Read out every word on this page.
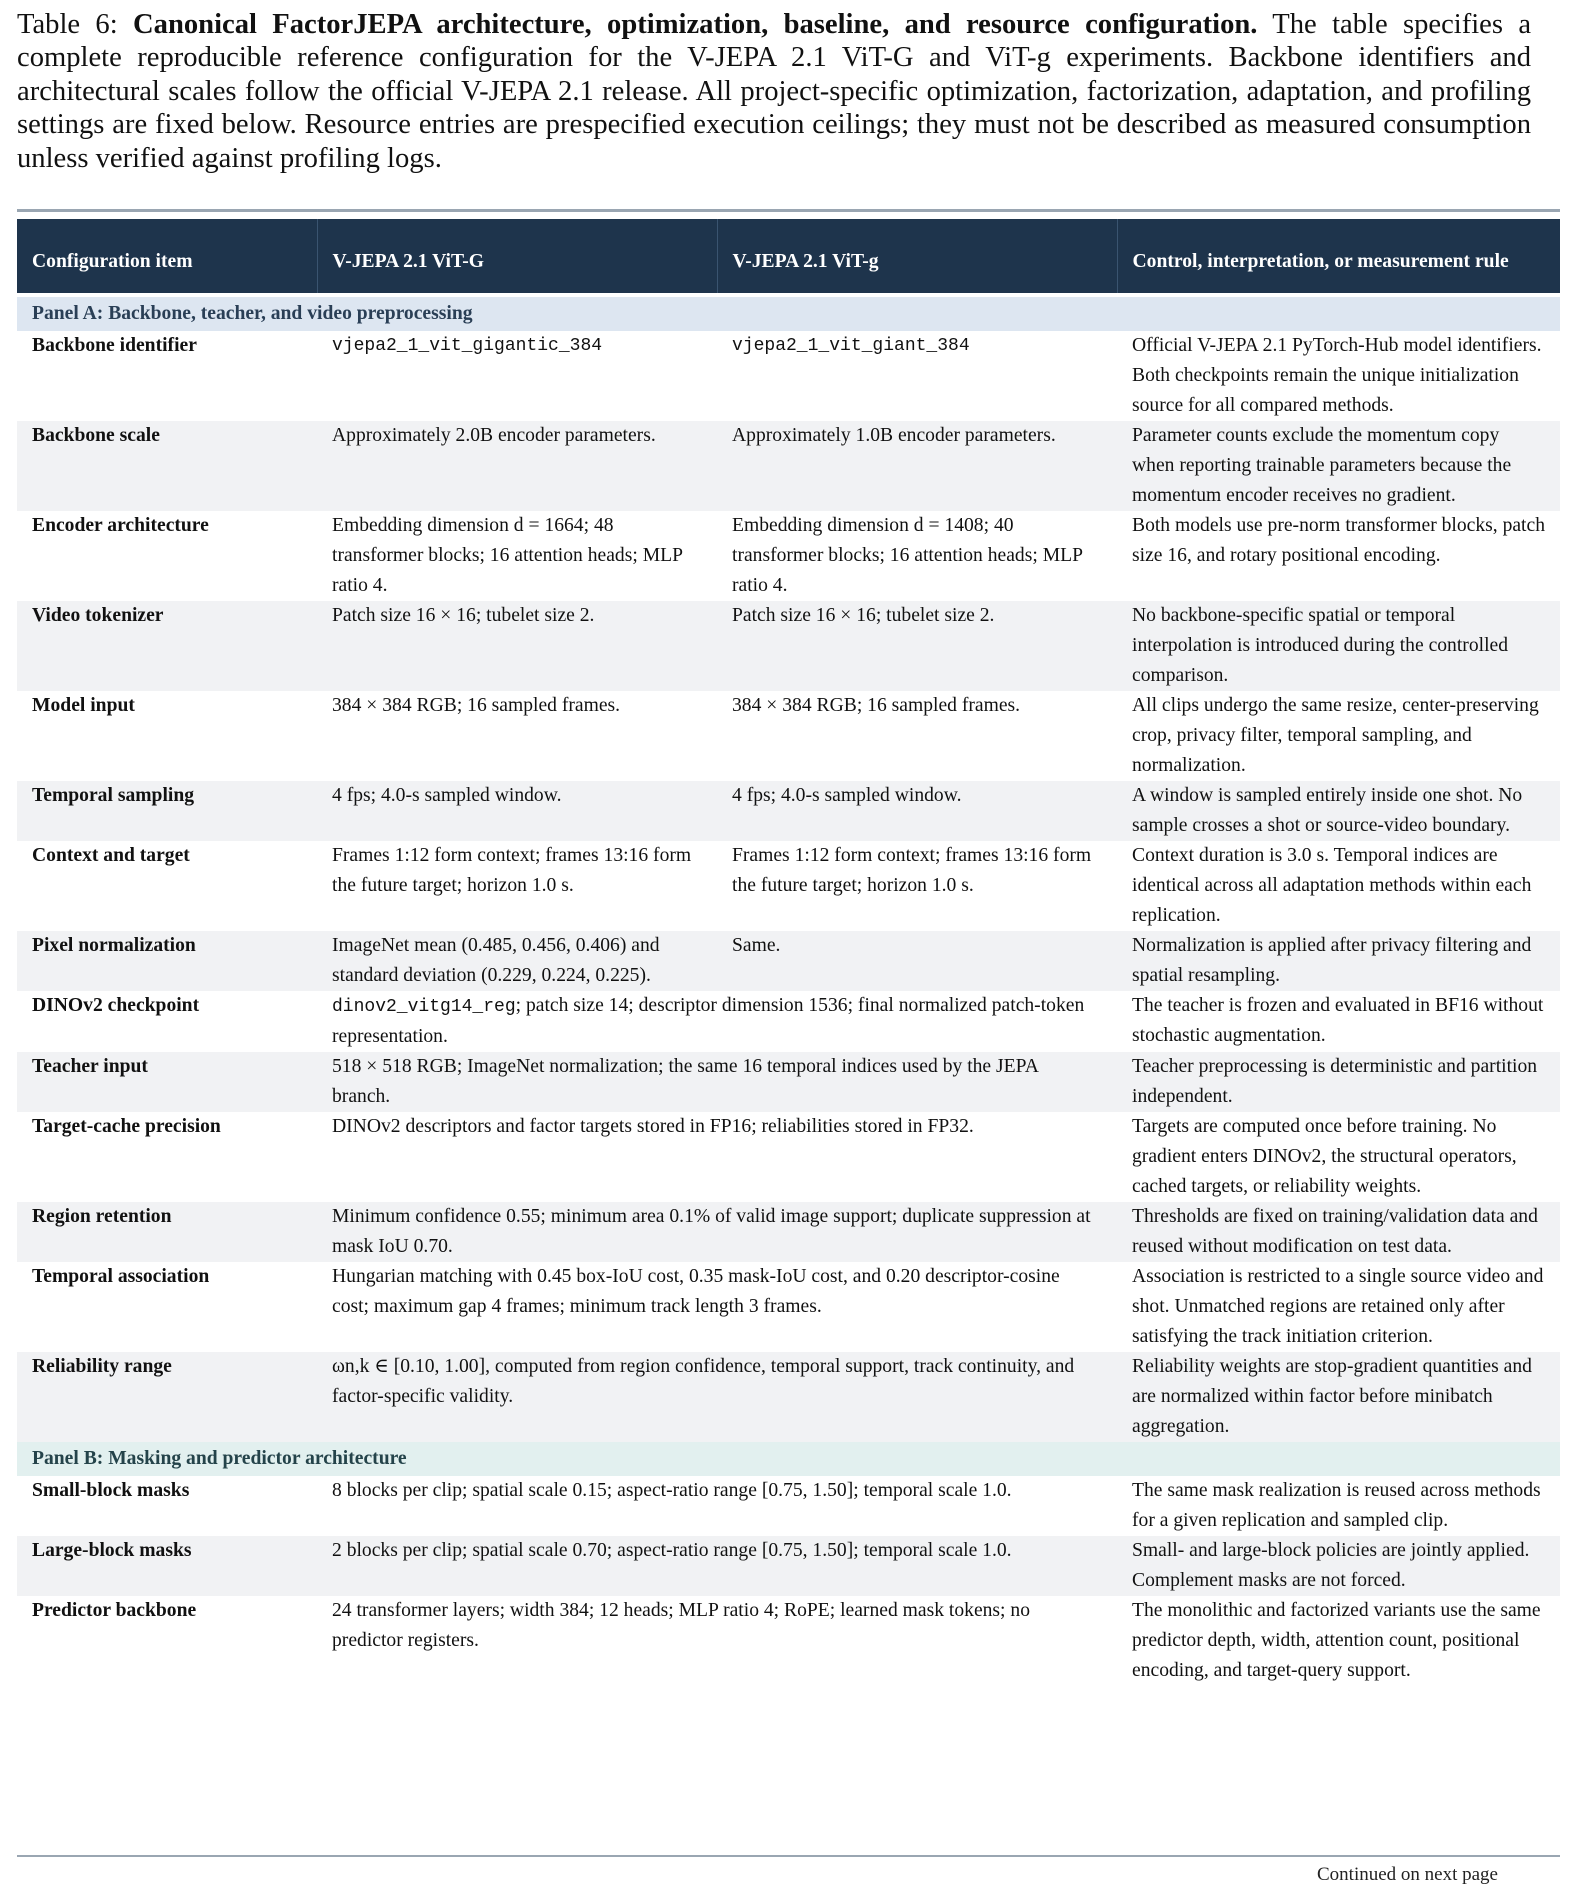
Table 6: Canonical FactorJEPA architecture, optimization, baseline, and resource configuration. The table specifies a complete reproducible reference configuration for the V-JEPA 2.1 ViT-G and ViT-g experiments. Backbone identifiers and architectural scales follow the official V-JEPA 2.1 release. All project-specific optimization, factorization, adaptation, and profiling settings are fixed below. Resource entries are prespecified execution ceilings; they must not be described as measured consumption unless verified against profiling logs.
Configuration item	V-JEPA 2.1 ViT-G	V-JEPA 2.1 ViT-g	Control, interpretation, or measurement rule
Panel A: Backbone, teacher, and video preprocessing			
Backbone identifier	vjepa2_1_vit_gigantic_384	vjepa2_1_vit_giant_384	Official V-JEPA 2.1 PyTorch-Hub model identifiers. Both checkpoints remain the unique initialization source for all compared methods.
Backbone scale	Approximately 2.0B encoder parameters.	Approximately 1.0B encoder parameters.	Parameter counts exclude the momentum copy when reporting trainable parameters because the momentum encoder receives no gradient.
Encoder architecture	Embedding dimension d = 1664; 48 transformer blocks; 16 attention heads; MLP ratio 4.	Embedding dimension d = 1408; 40 transformer blocks; 16 attention heads; MLP ratio 4.	Both models use pre-norm transformer blocks, patch size 16, and rotary positional encoding.
Video tokenizer	Patch size 16 × 16; tubelet size 2.	Patch size 16 × 16; tubelet size 2.	No backbone-specific spatial or temporal interpolation is introduced during the controlled comparison.
Model input	384 × 384 RGB; 16 sampled frames.	384 × 384 RGB; 16 sampled frames.	All clips undergo the same resize, center-preserving crop, privacy filter, temporal sampling, and normalization.
Temporal sampling	4 fps; 4.0-s sampled window.	4 fps; 4.0-s sampled window.	A window is sampled entirely inside one shot. No sample crosses a shot or source-video boundary.
Context and target	Frames 1:12 form context; frames 13:16 form the future target; horizon 1.0 s.	Frames 1:12 form context; frames 13:16 form the future target; horizon 1.0 s.	Context duration is 3.0 s. Temporal indices are identical across all adaptation methods within each replication.
Pixel normalization	ImageNet mean (0.485, 0.456, 0.406) and standard deviation (0.229, 0.224, 0.225).	Same.	Normalization is applied after privacy filtering and spatial resampling.
DINOv2 checkpoint	dinov2_vitg14_reg; patch size 14; descriptor dimension 1536; final normalized patch-token representation.		The teacher is frozen and evaluated in BF16 without stochastic augmentation.
Teacher input	518 × 518 RGB; ImageNet normalization; the same 16 temporal indices used by the JEPA branch.		Teacher preprocessing is deterministic and partition independent.
Target-cache precision	DINOv2 descriptors and factor targets stored in FP16; reliabilities stored in FP32.		Targets are computed once before training. No gradient enters DINOv2, the structural operators, cached targets, or reliability weights.
Region retention	Minimum confidence 0.55; minimum area 0.1% of valid image support; duplicate suppression at mask IoU 0.70.		Thresholds are fixed on training/validation data and reused without modification on test data.
Temporal association	Hungarian matching with 0.45 box-IoU cost, 0.35 mask-IoU cost, and 0.20 descriptor-cosine cost; maximum gap 4 frames; minimum track length 3 frames.		Association is restricted to a single source video and shot. Unmatched regions are retained only after satisfying the track initiation criterion.
Reliability range	ωn,k ∈ [0.10, 1.00], computed from region confidence, temporal support, track continuity, and factor-specific validity.		Reliability weights are stop-gradient quantities and are normalized within factor before minibatch aggregation.
Panel B: Masking and predictor architecture			
Small-block masks	8 blocks per clip; spatial scale 0.15; aspect-ratio range [0.75, 1.50]; temporal scale 1.0.		The same mask realization is reused across methods for a given replication and sampled clip.
Large-block masks	2 blocks per clip; spatial scale 0.70; aspect-ratio range [0.75, 1.50]; temporal scale 1.0.		Small- and large-block policies are jointly applied. Complement masks are not forced.
Predictor backbone	24 transformer layers; width 384; 12 heads; MLP ratio 4; RoPE; learned mask tokens; no predictor registers.		The monolithic and factorized variants use the same predictor depth, width, attention count, positional encoding, and target-query support.
Continued on next page
